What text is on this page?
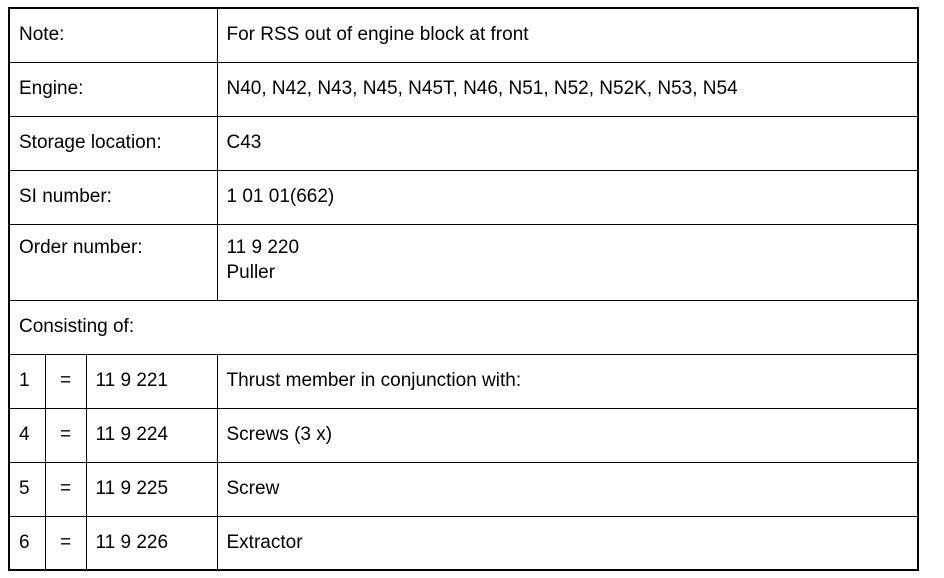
Note:			For RSS out of engine block at front
Engine:			N40, N42, N43, N45, N45T, N46, N51, N52, N52K, N53, N54
Storage location:			C43
SI number:			1 01 01(662)
Order number:			11 9 220
Puller

Consisting of:			
1	=	11 9 221	Thrust member in conjunction with:
4	=	11 9 224	Screws (3 x)
5	=	11 9 225	Screw
6	=	11 9 226	Extractor
